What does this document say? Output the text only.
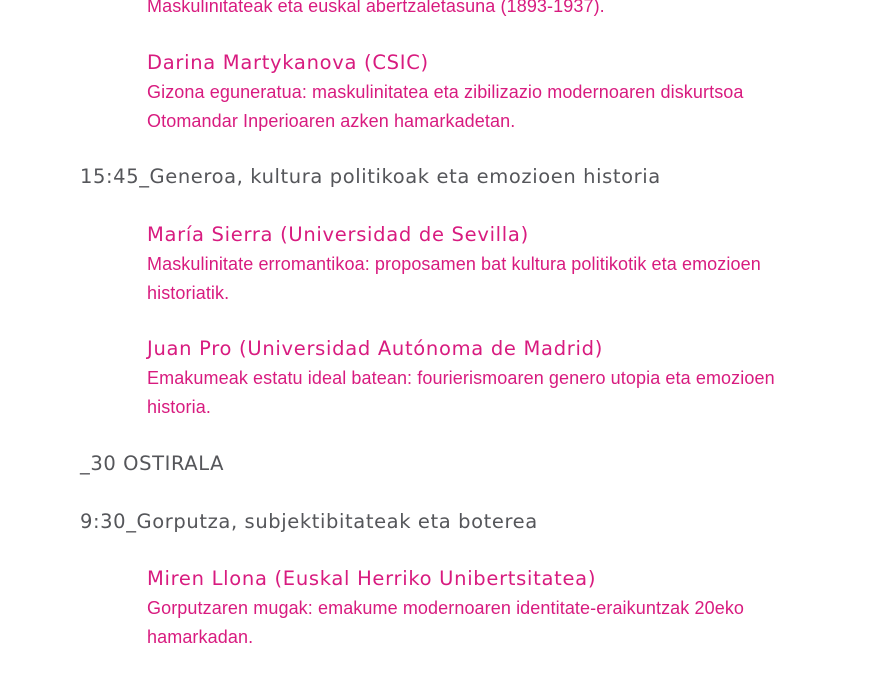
Maskulinitateak eta euskal abertzaletasuna (1893-1937).
Darina Martykanova (CSIC)
Gizona eguneratua: maskulinitatea eta zibilizazio modernoaren diskurtsoa Otomandar Inperioaren azken hamarkadetan.
15:45_Generoa, kultura politikoak eta emozioen historia
María Sierra (Universidad de Sevilla)
Maskulinitate erromantikoa: proposamen bat kultura politikotik eta emozioen historiatik.
Juan Pro (Universidad Autónoma de Madrid)
Emakumeak estatu ideal batean: fourierismoaren genero utopia eta emozioen historia.
_30 OSTIRALA
9:30_Gorputza, subjektibitateak eta boterea
Miren Llona (Euskal Herriko Unibertsitatea)
Gorputzaren mugak: emakume modernoaren identitate-eraikuntzak 20eko hamarkadan.
